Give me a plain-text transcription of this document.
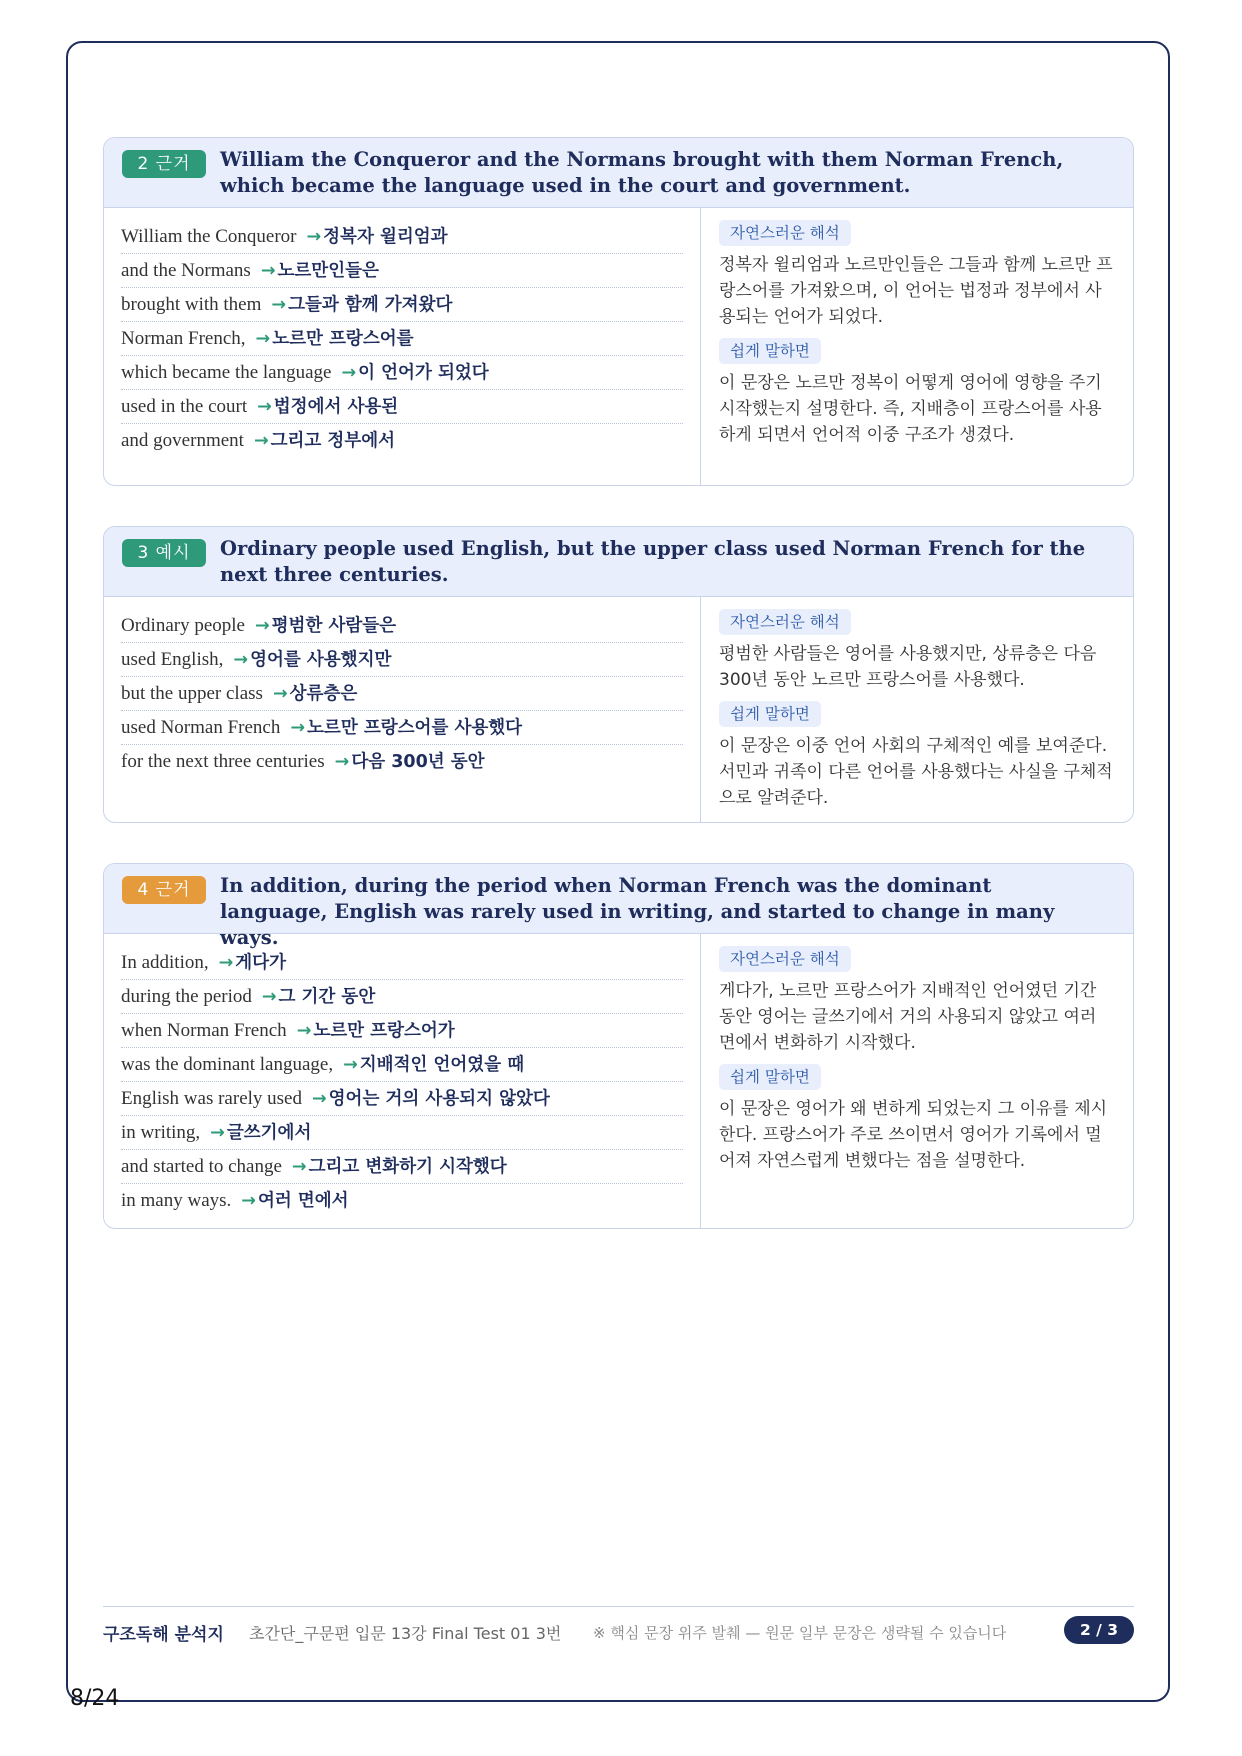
2 근거	William the Conqueror and the Normans brought with them Norman French, which became the language used in the court and government.
William the Conqueror → 정복자 윌리엄과
and the Normans → 노르만인들은
brought with them → 그들과 함께 가져왔다
Norman French, → 노르만 프랑스어를
which became the language → 이 언어가 되었다
used in the court → 법정에서 사용된
and government → 그리고 정부에서
자연스러운 해석
정복자 윌리엄과 노르만인들은 그들과 함께 노르만 프랑스어를 가져왔으며, 이 언어는 법정과 정부에서 사용되는 언어가 되었다.
쉽게 말하면
이 문장은 노르만 정복이 어떻게 영어에 영향을 주기 시작했는지 설명한다. 즉, 지배층이 프랑스어를 사용하게 되면서 언어적 이중 구조가 생겼다.
3 예시	Ordinary people used English, but the upper class used Norman French for the next three centuries.
Ordinary people → 평범한 사람들은
used English, → 영어를 사용했지만
but the upper class → 상류층은
used Norman French → 노르만 프랑스어를 사용했다
for the next three centuries → 다음 300년 동안
자연스러운 해석
평범한 사람들은 영어를 사용했지만, 상류층은 다음 300년 동안 노르만 프랑스어를 사용했다.
쉽게 말하면
이 문장은 이중 언어 사회의 구체적인 예를 보여준다. 서민과 귀족이 다른 언어를 사용했다는 사실을 구체적으로 알려준다.
4 근거	In addition, during the period when Norman French was the dominant language, English was rarely used in writing, and started to change in many ways.
In addition, → 게다가
during the period → 그 기간 동안
when Norman French → 노르만 프랑스어가
was the dominant language, → 지배적인 언어였을 때
English was rarely used → 영어는 거의 사용되지 않았다
in writing, → 글쓰기에서
and started to change → 그리고 변화하기 시작했다
in many ways. → 여러 면에서
자연스러운 해석
게다가, 노르만 프랑스어가 지배적인 언어였던 기간 동안 영어는 글쓰기에서 거의 사용되지 않았고 여러 면에서 변화하기 시작했다.
쉽게 말하면
이 문장은 영어가 왜 변하게 되었는지 그 이유를 제시한다. 프랑스어가 주로 쓰이면서 영어가 기록에서 멀어져 자연스럽게 변했다는 점을 설명한다.
구조독해 분석지 초간단_구문편 입문 13강 Final Test 01 3번 ※ 핵심 문장 위주 발췌 — 원문 일부 문장은 생략될 수 있습니다	2 / 3
8/24
